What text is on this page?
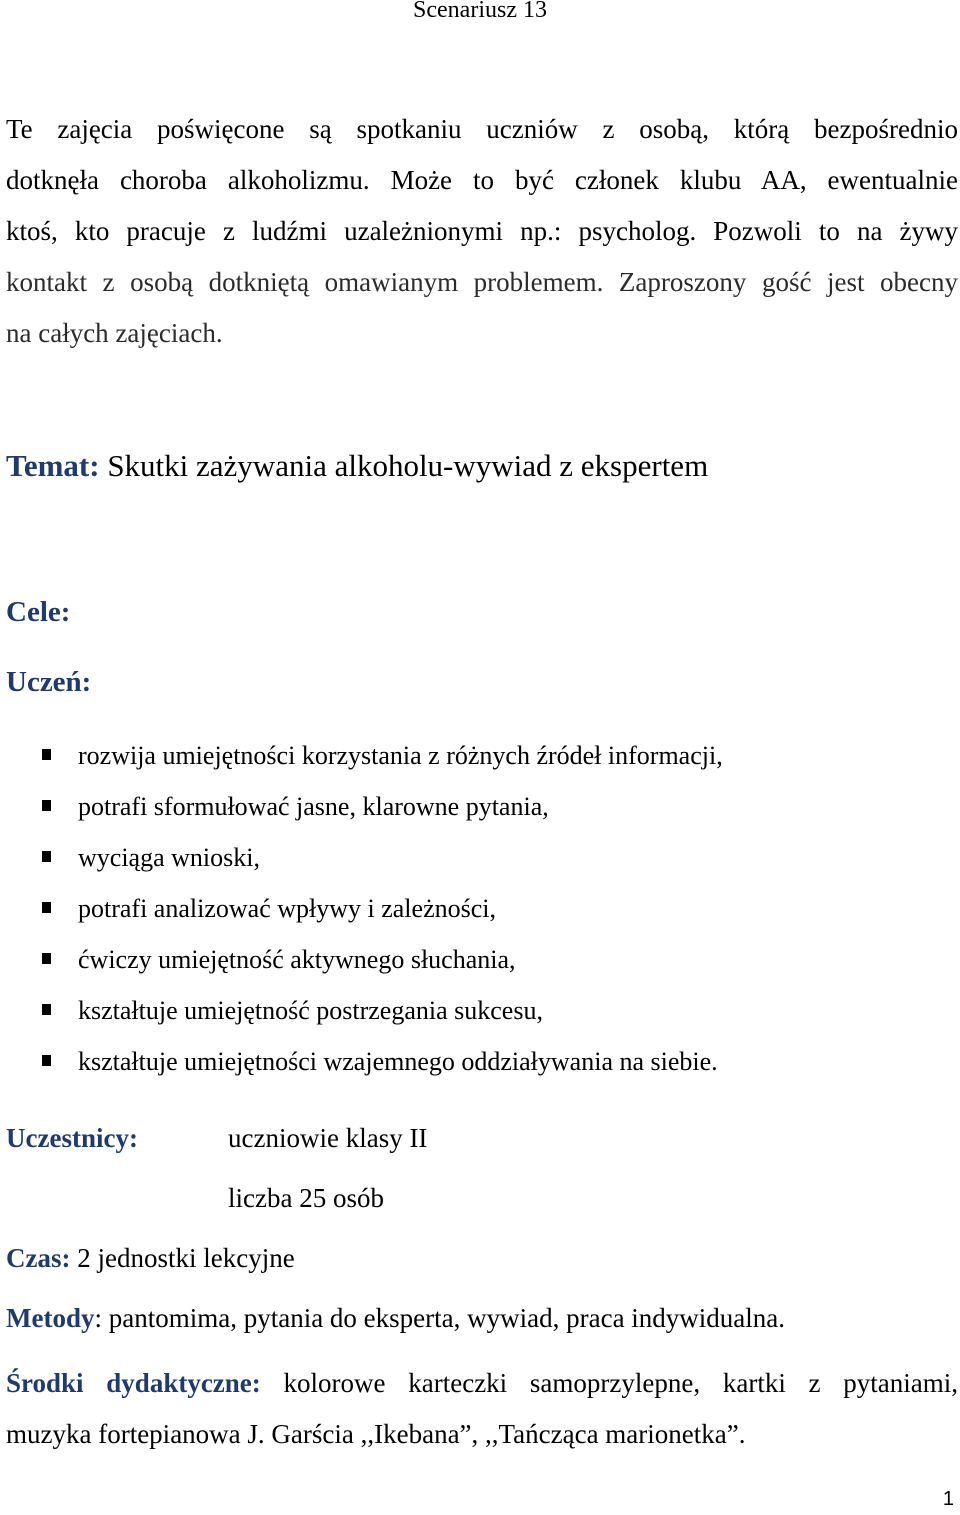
Scenariusz 13
Te zajęcia poświęcone są spotkaniu uczniów z osobą, którą bezpośrednio
dotknęła choroba alkoholizmu. Może to być członek klubu AA, ewentualnie
ktoś, kto pracuje z ludźmi uzależnionymi np.: psycholog. Pozwoli to na żywy
kontakt z osobą dotkniętą omawianym problemem. Zaproszony gość jest obecny
na całych zajęciach.
Temat: Skutki zażywania alkoholu-wywiad z ekspertem
Cele:
Uczeń:
rozwija umiejętności korzystania z różnych źródeł informacji,
potrafi sformułować jasne, klarowne pytania,
wyciąga wnioski,
potrafi analizować wpływy i zależności,
ćwiczy umiejętność aktywnego słuchania,
kształtuje umiejętność postrzegania sukcesu,
kształtuje umiejętności wzajemnego oddziaływania na siebie.
Uczestnicy:	uczniowie klasy II
liczba 25 osób
Czas: 2 jednostki lekcyjne
Metody: pantomima, pytania do eksperta, wywiad, praca indywidualna.
Środki dydaktyczne: kolorowe karteczki samoprzylepne, kartki z pytaniami,
muzyka fortepianowa J. Garścia ,,Ikebana”, ,,Tańcząca marionetka”.
1
